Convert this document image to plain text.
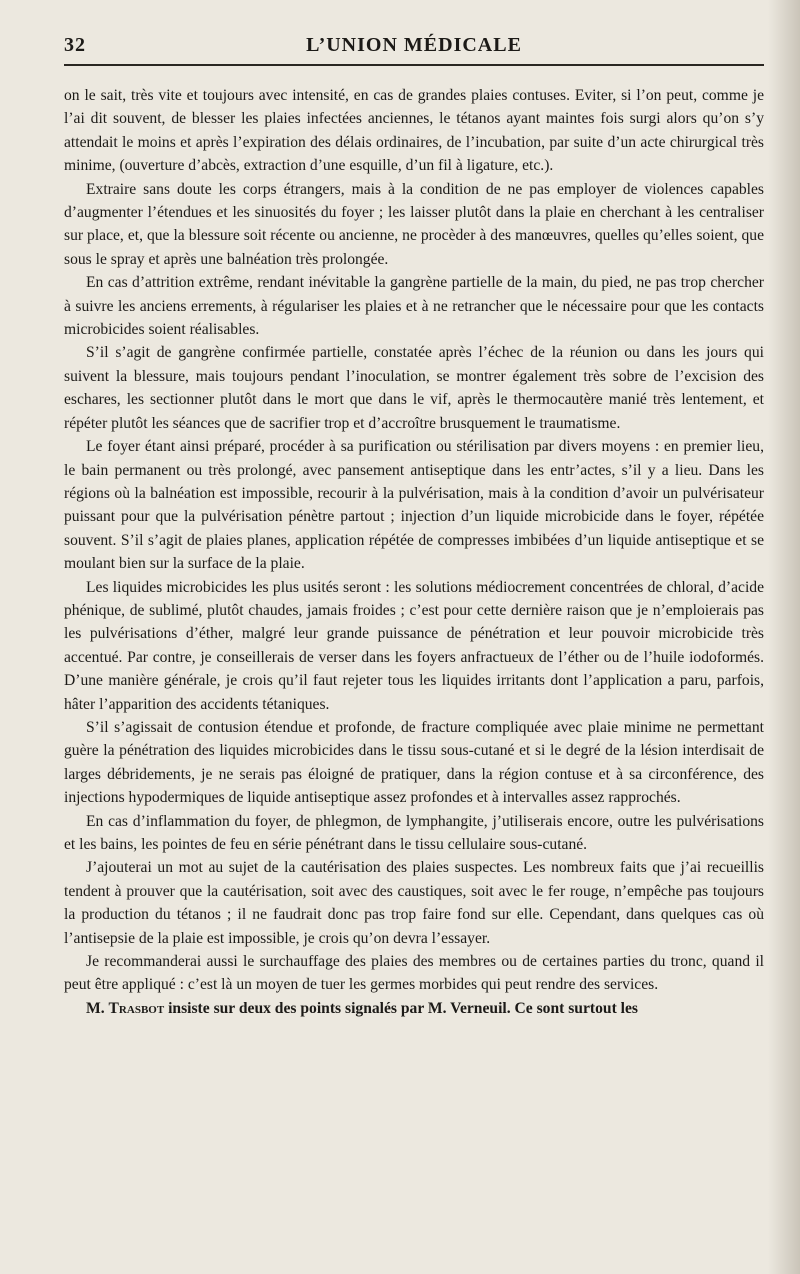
32	L’UNION MÉDICALE

on le sait, très vite et toujours avec intensité, en cas de grandes plaies contuses. Eviter, si l’on peut, comme je l’ai dit souvent, de blesser les plaies infectées anciennes, le tétanos ayant maintes fois surgi alors qu’on s’y attendait le moins et après l’expiration des délais ordinaires, de l’incubation, par suite d’un acte chirurgical très minime, (ouverture d’abcès, extraction d’une esquille, d’un fil à ligature, etc.).

Extraire sans doute les corps étrangers, mais à la condition de ne pas employer de violences capables d’augmenter l’étendues et les sinuosités du foyer ; les laisser plutôt dans la plaie en cherchant à les centraliser sur place, et, que la blessure soit récente ou ancienne, ne procèder à des manœuvres, quelles qu’elles soient, que sous le spray et après une balnéation très prolongée.

En cas d’attrition extrême, rendant inévitable la gangrène partielle de la main, du pied, ne pas trop chercher à suivre les anciens errements, à régulariser les plaies et à ne retrancher que le nécessaire pour que les contacts microbicides soient réalisables.

S’il s’agit de gangrène confirmée partielle, constatée après l’échec de la réunion ou dans les jours qui suivent la blessure, mais toujours pendant l’inoculation, se montrer également très sobre de l’excision des eschares, les sectionner plutôt dans le mort que dans le vif, après le thermocautère manié très lentement, et répéter plutôt les séances que de sacrifier trop et d’accroître brusquement le traumatisme.

Le foyer étant ainsi préparé, procéder à sa purification ou stérilisation par divers moyens : en premier lieu, le bain permanent ou très prolongé, avec pansement antiseptique dans les entr’actes, s’il y a lieu. Dans les régions où la balnéation est impossible, recourir à la pulvérisation, mais à la condition d’avoir un pulvérisateur puissant pour que la pulvérisation pénètre partout ; injection d’un liquide microbicide dans le foyer, répétée souvent. S’il s’agit de plaies planes, application répétée de compresses imbibées d’un liquide antiseptique et se moulant bien sur la surface de la plaie.

Les liquides microbicides les plus usités seront : les solutions médiocrement concentrées de chloral, d’acide phénique, de sublimé, plutôt chaudes, jamais froides ; c’est pour cette dernière raison que je n’emploierais pas les pulvérisations d’éther, malgré leur grande puissance de pénétration et leur pouvoir microbicide très accentué. Par contre, je conseillerais de verser dans les foyers anfractueux de l’éther ou de l’huile iodoformés. D’une manière générale, je crois qu’il faut rejeter tous les liquides irritants dont l’application a paru, parfois, hâter l’apparition des accidents tétaniques.

S’il s’agissait de contusion étendue et profonde, de fracture compliquée avec plaie minime ne permettant guère la pénétration des liquides microbicides dans le tissu sous-cutané et si le degré de la lésion interdisait de larges débridements, je ne serais pas éloigné de pratiquer, dans la région contuse et à sa circonférence, des injections hypodermiques de liquide antiseptique assez profondes et à intervalles assez rapprochés.

En cas d’inflammation du foyer, de phlegmon, de lymphangite, j’utiliserais encore, outre les pulvérisations et les bains, les pointes de feu en série pénétrant dans le tissu cellulaire sous-cutané.

J’ajouterai un mot au sujet de la cautérisation des plaies suspectes. Les nombreux faits que j’ai recueillis tendent à prouver que la cautérisation, soit avec des caustiques, soit avec le fer rouge, n’empêche pas toujours la production du tétanos ; il ne faudrait donc pas trop faire fond sur elle. Cependant, dans quelques cas où l’antisepsie de la plaie est impossible, je crois qu’on devra l’essayer.

Je recommanderai aussi le surchauffage des plaies des membres ou de certaines parties du tronc, quand il peut être appliqué : c’est là un moyen de tuer les germes morbides qui peut rendre des services.

M. Trasbot insiste sur deux des points signalés par M. Verneuil. Ce sont surtout les
